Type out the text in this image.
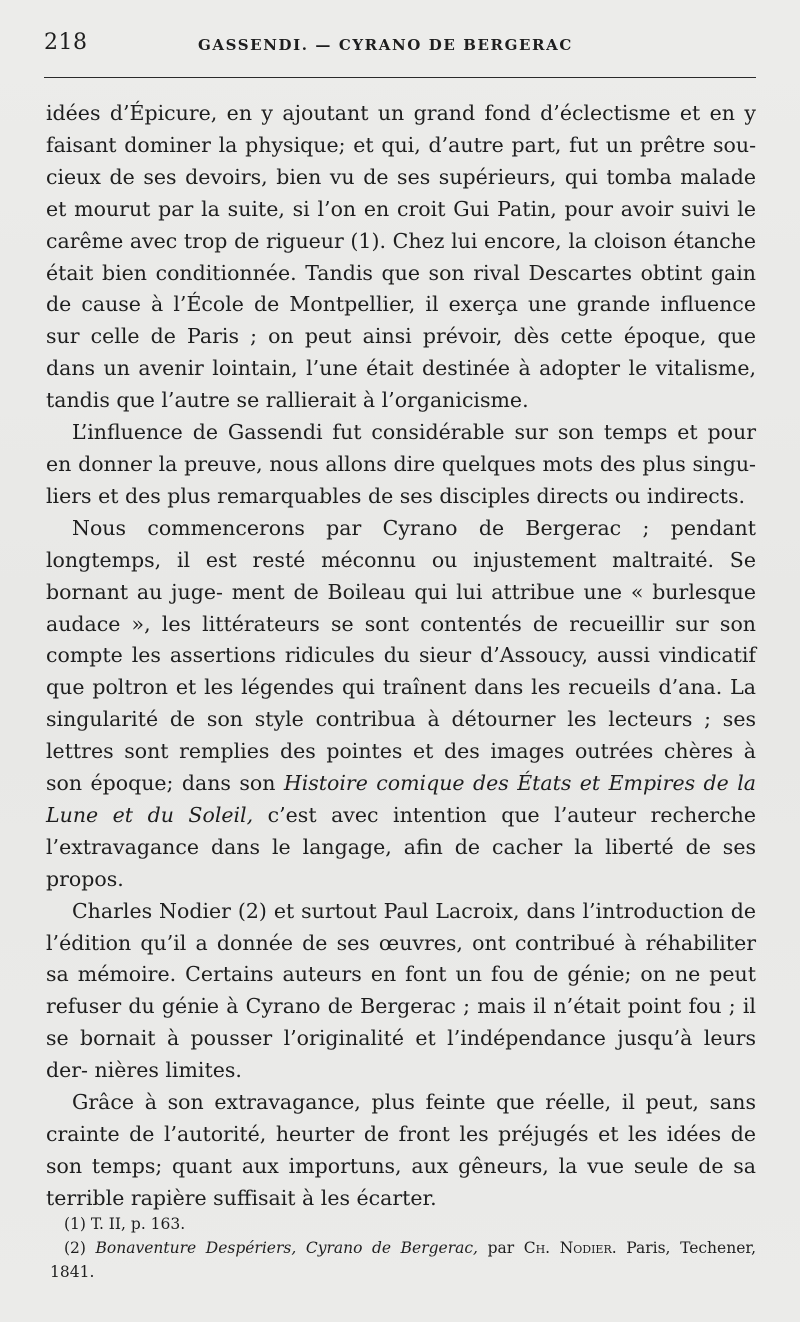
218	GASSENDI. — CYRANO DE BERGERAC

idées d’Épicure, en y ajoutant un grand fond d’éclectisme et en y faisant dominer la physique; et qui, d’autre part, fut un prêtre sou- cieux de ses devoirs, bien vu de ses supérieurs, qui tomba malade et mourut par la suite, si l’on en croit Gui Patin, pour avoir suivi le carême avec trop de rigueur (1). Chez lui encore, la cloison étanche était bien conditionnée. Tandis que son rival Descartes obtint gain de cause à l’École de Montpellier, il exerça une grande influence sur celle de Paris ; on peut ainsi prévoir, dès cette époque, que dans un avenir lointain, l’une était destinée à adopter le vitalisme, tandis que l’autre se rallierait à l’organicisme.

L’influence de Gassendi fut considérable sur son temps et pour en donner la preuve, nous allons dire quelques mots des plus singu- liers et des plus remarquables de ses disciples directs ou indirects.

Nous commencerons par Cyrano de Bergerac ; pendant longtemps, il est resté méconnu ou injustement maltraité. Se bornant au juge- ment de Boileau qui lui attribue une « burlesque audace », les littérateurs se sont contentés de recueillir sur son compte les assertions ridicules du sieur d’Assoucy, aussi vindicatif que poltron et les légendes qui traînent dans les recueils d’ana. La singularité de son style contribua à détourner les lecteurs ; ses lettres sont remplies des pointes et des images outrées chères à son époque; dans son Histoire comique des États et Empires de la Lune et du Soleil, c’est avec intention que l’auteur recherche l’extravagance dans le langage, afin de cacher la liberté de ses propos.

Charles Nodier (2) et surtout Paul Lacroix, dans l’introduction de l’édition qu’il a donnée de ses œuvres, ont contribué à réhabiliter sa mémoire. Certains auteurs en font un fou de génie; on ne peut refuser du génie à Cyrano de Bergerac ; mais il n’était point fou ; il se bornait à pousser l’originalité et l’indépendance jusqu’à leurs der- nières limites.

Grâce à son extravagance, plus feinte que réelle, il peut, sans crainte de l’autorité, heurter de front les préjugés et les idées de son temps; quant aux importuns, aux gêneurs, la vue seule de sa terrible rapière suffisait à les écarter.

(1) T. II, p. 163.

(2) Bonaventure Despériers, Cyrano de Bergerac, par Ch. Nodier. Paris, Techener, 1841.
